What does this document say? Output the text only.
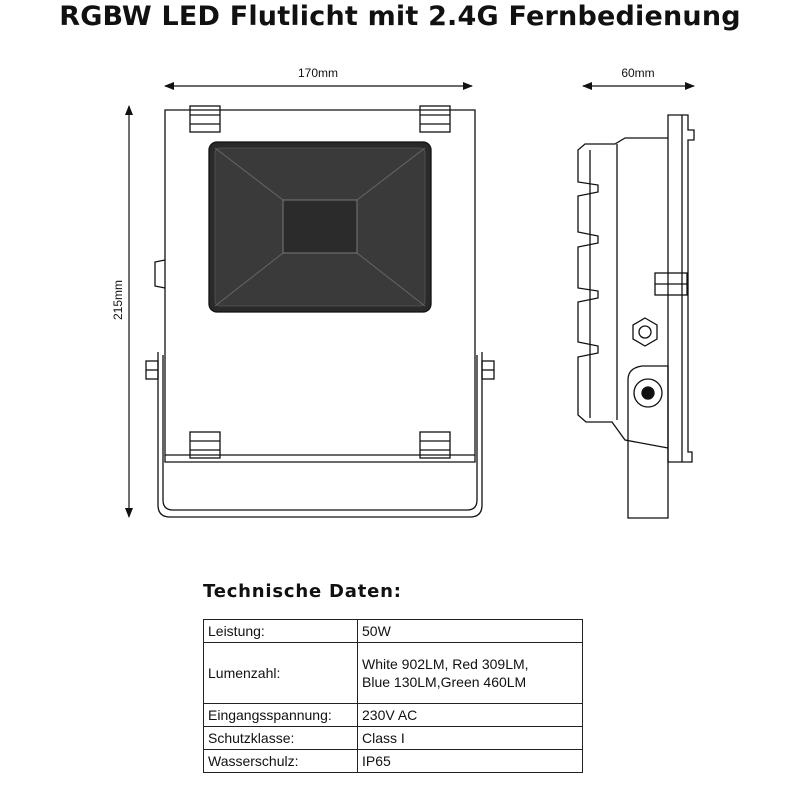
RGBW LED Flutlicht mit 2.4G Fernbedienung
170mm
215mm
60mm
Technische Daten:
Leistung:	50W
Lumenzahl:	White 902LM, Red 309LM,
Blue 130LM,Green 460LM

Eingangsspannung:	230V AC
Schutzklasse:	Class I
Wasserschulz:	IP65
